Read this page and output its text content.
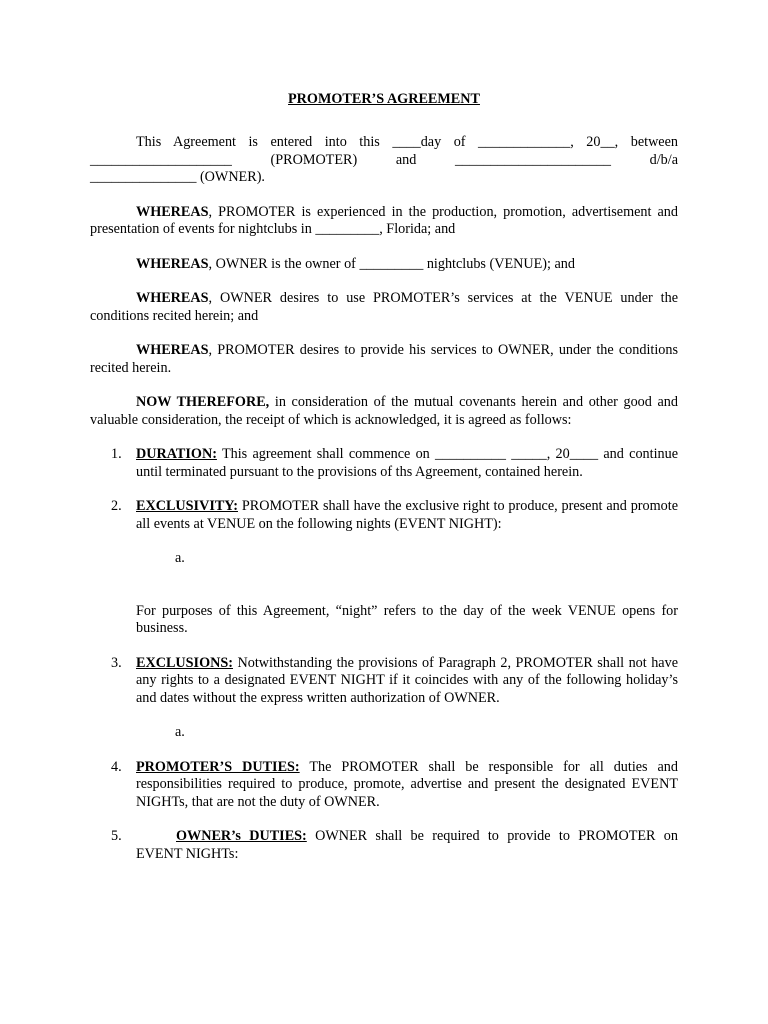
PROMOTER’S AGREEMENT

This Agreement is entered into this ____day of _____________, 20__, between

____________________ (PROMOTER) and ______________________ d/b/a

_______________ (OWNER).

WHEREAS, PROMOTER is experienced in the production, promotion, advertisement and presentation of events for nightclubs in _________, Florida; and

WHEREAS, OWNER is the owner of _________ nightclubs (VENUE); and

WHEREAS, OWNER desires to use PROMOTER’s services at the VENUE under the conditions recited herein; and

WHEREAS, PROMOTER desires to provide his services to OWNER, under the conditions recited herein.

NOW THEREFORE, in consideration of the mutual covenants herein and other good and valuable consideration, the receipt of which is acknowledged, it is agreed as follows:

1. DURATION: This agreement shall commence on __________ _____, 20____ and continue until terminated pursuant to the provisions of ths Agreement, contained herein.
2. EXCLUSIVITY: PROMOTER shall have the exclusive right to produce, present and promote all events at VENUE on the following nights (EVENT NIGHT):
a.

For purposes of this Agreement, “night” refers to the day of the week VENUE opens for business.

3. EXCLUSIONS: Notwithstanding the provisions of Paragraph 2, PROMOTER shall not have any rights to a designated EVENT NIGHT if it coincides with any of the following holiday’s and dates without the express written authorization of OWNER.
a.
4. PROMOTER’S DUTIES: The PROMOTER shall be responsible for all duties and responsibilities required to produce, promote, advertise and present the designated EVENT NIGHTs, that are not the duty of OWNER.
5.	OWNER’s DUTIES: OWNER shall be required to provide to PROMOTER on EVENT NIGHTs:
